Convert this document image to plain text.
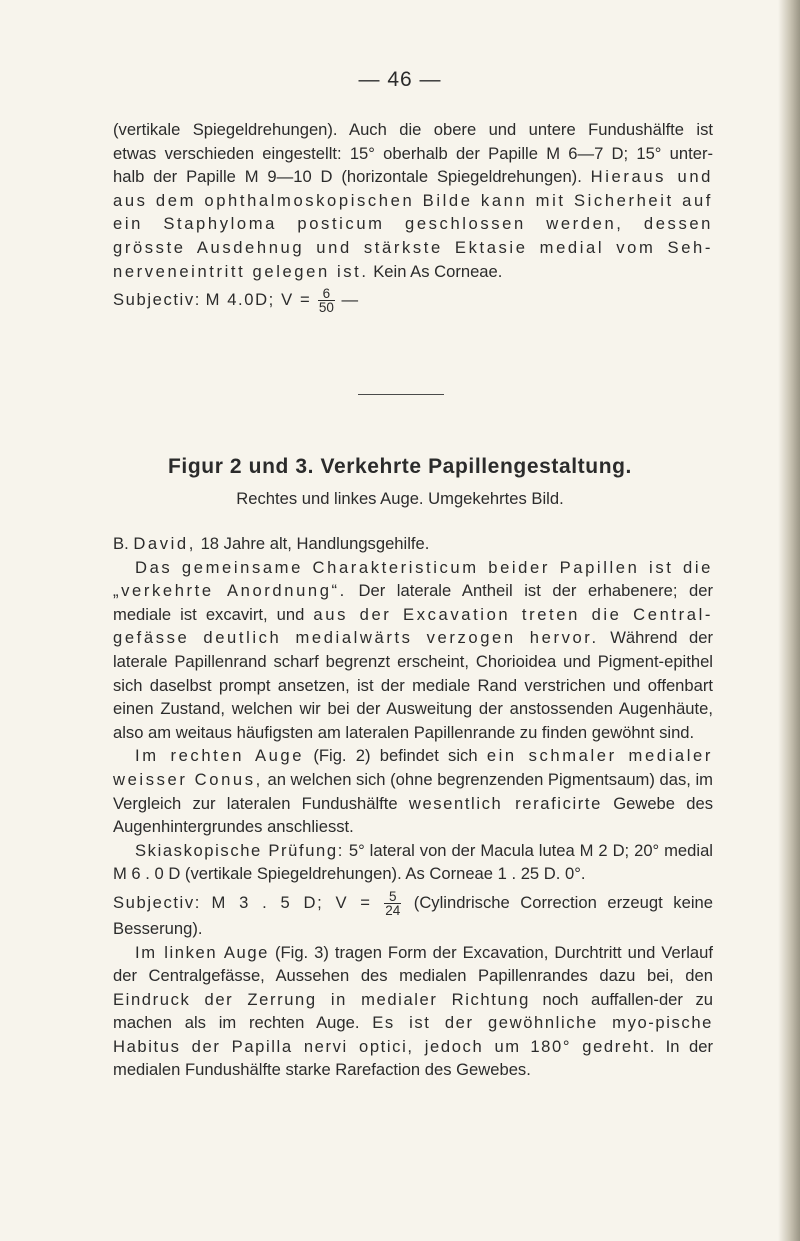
— 46 —

(vertikale Spiegeldrehungen). Auch die obere und untere Fundushälfte ist

etwas verschieden eingestellt: 15° oberhalb der Papille M 6—7 D; 15° unter-

halb der Papille M 9—10 D (horizontale Spiegeldrehungen). Hieraus und

aus dem ophthalmoskopischen Bilde kann mit Sicherheit auf

ein Staphyloma posticum geschlossen werden, dessen

grösste Ausdehnug und stärkste Ektasie medial vom Seh-

nerveneintritt gelegen ist. Kein As Corneae.

Subjectiv: M 4.0D; $V = \frac{6}{50}$ —

Figur 2 und 3. Verkehrte Papillengestaltung.
Rechtes und linkes Auge. Umgekehrtes Bild.

B. David, 18 Jahre alt, Handlungsgehilfe.

Das gemeinsame Charakteristicum beider Papillen ist die „verkehrte Anordnung“. Der laterale Antheil ist der erhabenere; der mediale ist excavirt, und aus der Excavation treten die Central-gefässe deutlich medialwärts verzogen hervor. Während der laterale Papillenrand scharf begrenzt erscheint, Chorioidea und Pigment-epithel sich daselbst prompt ansetzen, ist der mediale Rand verstrichen und offenbart einen Zustand, welchen wir bei der Ausweitung der anstossenden Augenhäute, also am weitaus häufigsten am lateralen Papillenrande zu finden gewöhnt sind.

Im rechten Auge (Fig. 2) befindet sich ein schmaler medialer weisser Conus, an welchen sich (ohne begrenzenden Pigmentsaum) das, im Vergleich zur lateralen Fundushälfte wesentlich reraficirte Gewebe des Augenhintergrundes anschliesst.

Skiaskopische Prüfung: 5° lateral von der Macula lutea M 2 D; 20° medial M 6 . 0 D (vertikale Spiegeldrehungen). As Corneae 1 . 25 D. 0°.

Subjectiv: M 3 . 5 D; $V = \frac{5}{24}$ (Cylindrische Correction erzeugt keine Besserung).

Im linken Auge (Fig. 3) tragen Form der Excavation, Durchtritt und Verlauf der Centralgefässe, Aussehen des medialen Papillenrandes dazu bei, den Eindruck der Zerrung in medialer Richtung noch auffallen-der zu machen als im rechten Auge. Es ist der gewöhnliche myo-pische Habitus der Papilla nervi optici, jedoch um 180° gedreht. In der medialen Fundushälfte starke Rarefaction des Gewebes.
